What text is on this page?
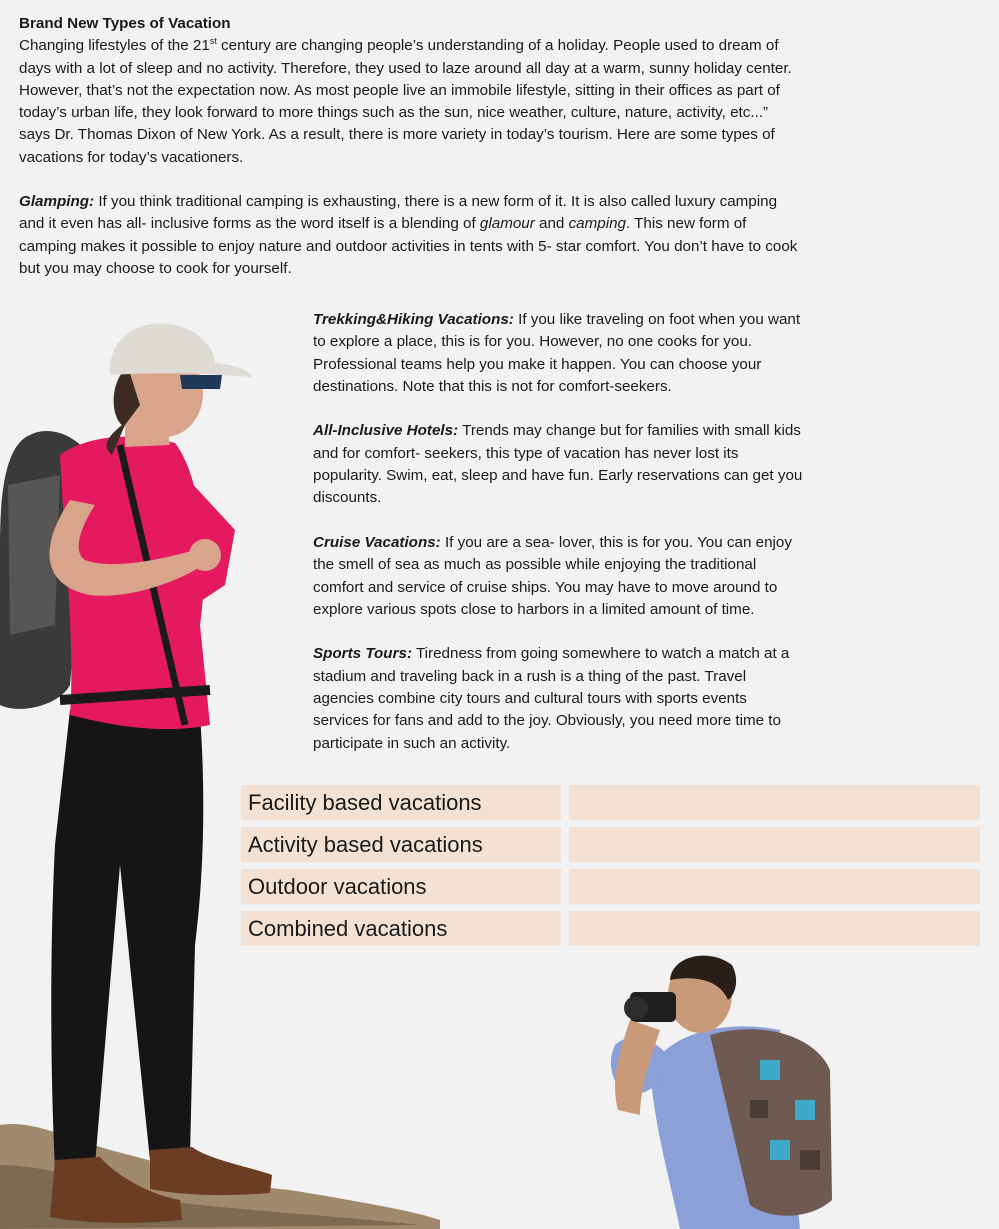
Brand New Types of Vacation

Changing lifestyles of the 21st century are changing people’s understanding of a holiday. People used to dream of days with a lot of sleep and no activity. Therefore, they used to laze around all day at a warm, sunny holiday center. However, that’s not the expectation now. As most people live an immobile lifestyle, sitting in their offices as part of today’s urban life, they look forward to more things such as the sun, nice weather, culture, nature, activity, etc...” says Dr. Thomas Dixon of New York. As a result, there is more variety in today’s tourism. Here are some types of vacations for today’s vacationers.

Glamping: If you think traditional camping is exhausting, there is a new form of it. It is also called luxury camping and it even has all- inclusive forms as the word itself is a blending of glamour and camping. This new form of camping makes it possible to enjoy nature and outdoor activities in tents with 5- star comfort. You don’t have to cook but you may choose to cook for yourself.

Trekking&Hiking Vacations: If you like traveling on foot when you want to explore a place, this is for you. However, no one cooks for you. Professional teams help you make it happen. You can choose your destinations. Note that this is not for comfort-seekers.

All-Inclusive Hotels: Trends may change but for families with small kids and for comfort- seekers, this type of vacation has never lost its popularity. Swim, eat, sleep and have fun. Early reservations can get you discounts.

Cruise Vacations: If you are a sea- lover, this is for you. You can enjoy the smell of sea as much as possible while enjoying the traditional comfort and service of cruise ships. You may have to move around to explore various spots close to harbors in a limited amount of time.

Sports Tours: Tiredness from going somewhere to watch a match at a stadium and traveling back in a rush is a thing of the past. Travel agencies combine city tours and cultural tours with sports events services for fans and add to the joy. Obviously, you need more time to participate in such an activity.

Facility based vacations
Activity based vacations
Outdoor vacations
Combined vacations
